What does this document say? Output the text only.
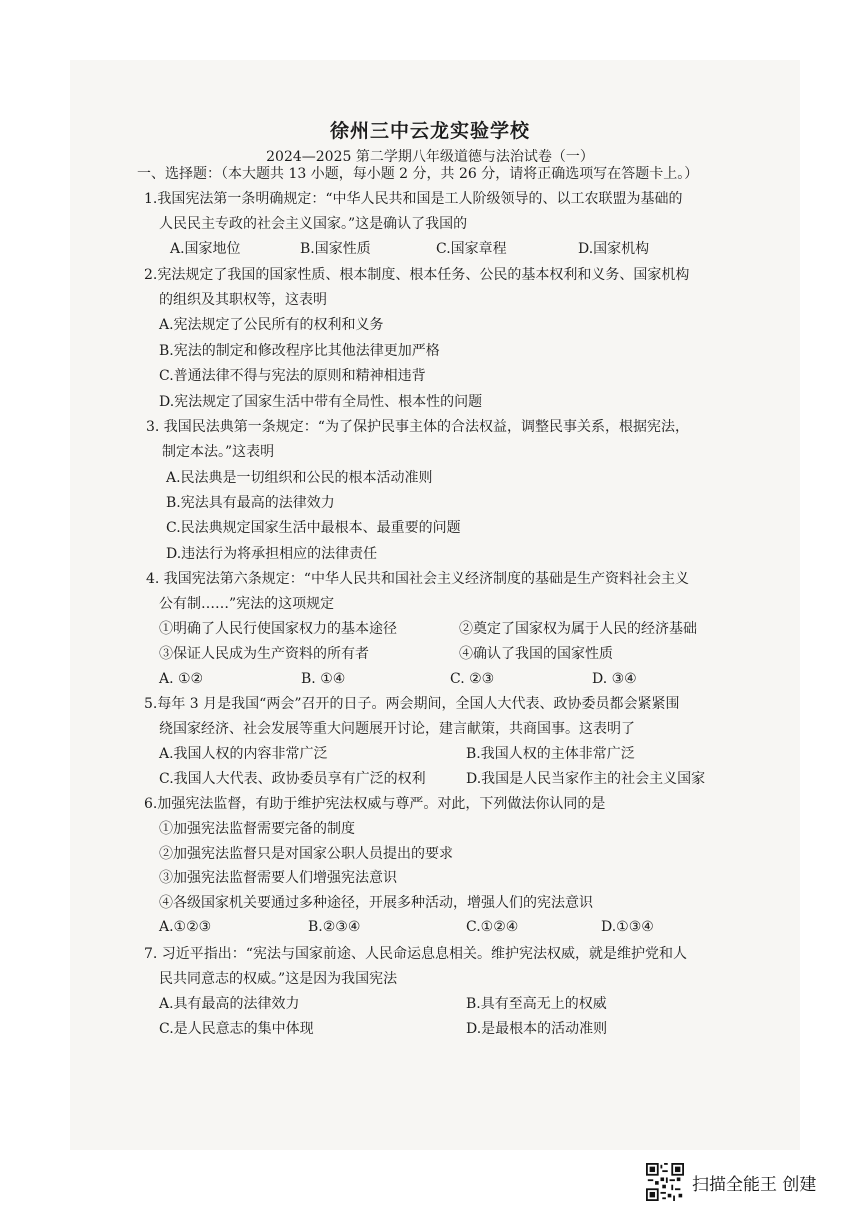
徐州三中云龙实验学校
2024—2025 第二学期八年级道德与法治试卷（一）
一、选择题：（本大题共 13 小题，每小题 2 分，共 26 分，请将正确选项写在答题卡上。）
1.我国宪法第一条明确规定：“中华人民共和国是工人阶级领导的、以工农联盟为基础的
人民民主专政的社会主义国家。”这是确认了我国的
A.国家地位	B.国家性质	C.国家章程	D.国家机构
2.宪法规定了我国的国家性质、根本制度、根本任务、公民的基本权利和义务、国家机构
的组织及其职权等，这表明
A.宪法规定了公民所有的权利和义务
B.宪法的制定和修改程序比其他法律更加严格
C.普通法律不得与宪法的原则和精神相违背
D.宪法规定了国家生活中带有全局性、根本性的问题
3. 我国民法典第一条规定：“为了保护民事主体的合法权益，调整民事关系，根据宪法，
制定本法。”这表明
A.民法典是一切组织和公民的根本活动准则
B.宪法具有最高的法律效力
C.民法典规定国家生活中最根本、最重要的问题
D.违法行为将承担相应的法律责任
4. 我国宪法第六条规定：“中华人民共和国社会主义经济制度的基础是生产资料社会主义
公有制……”宪法的这项规定
①明确了人民行使国家权力的基本途径	②奠定了国家权为属于人民的经济基础
③保证人民成为生产资料的所有者	④确认了我国的国家性质
A. ①②	B. ①④	C. ②③	D. ③④
5.每年 3 月是我国“两会”召开的日子。两会期间，全国人大代表、政协委员都会紧紧围
绕国家经济、社会发展等重大问题展开讨论，建言献策，共商国事。这表明了
A.我国人权的内容非常广泛	B.我国人权的主体非常广泛
C.我国人大代表、政协委员享有广泛的权利	D.我国是人民当家作主的社会主义国家
6.加强宪法监督，有助于维护宪法权威与尊严。对此，下列做法你认同的是
①加强宪法监督需要完备的制度
②加强宪法监督只是对国家公职人员提出的要求
③加强宪法监督需要人们增强宪法意识
④各级国家机关要通过多种途径，开展多种活动，增强人们的宪法意识
A.①②③	B.②③④	C.①②④	D.①③④
7. 习近平指出：“宪法与国家前途、人民命运息息相关。维护宪法权威，就是维护党和人
民共同意志的权威。”这是因为我国宪法
A.具有最高的法律效力	B.具有至高无上的权威
C.是人民意志的集中体现	D.是最根本的活动准则
扫描全能王 创建
